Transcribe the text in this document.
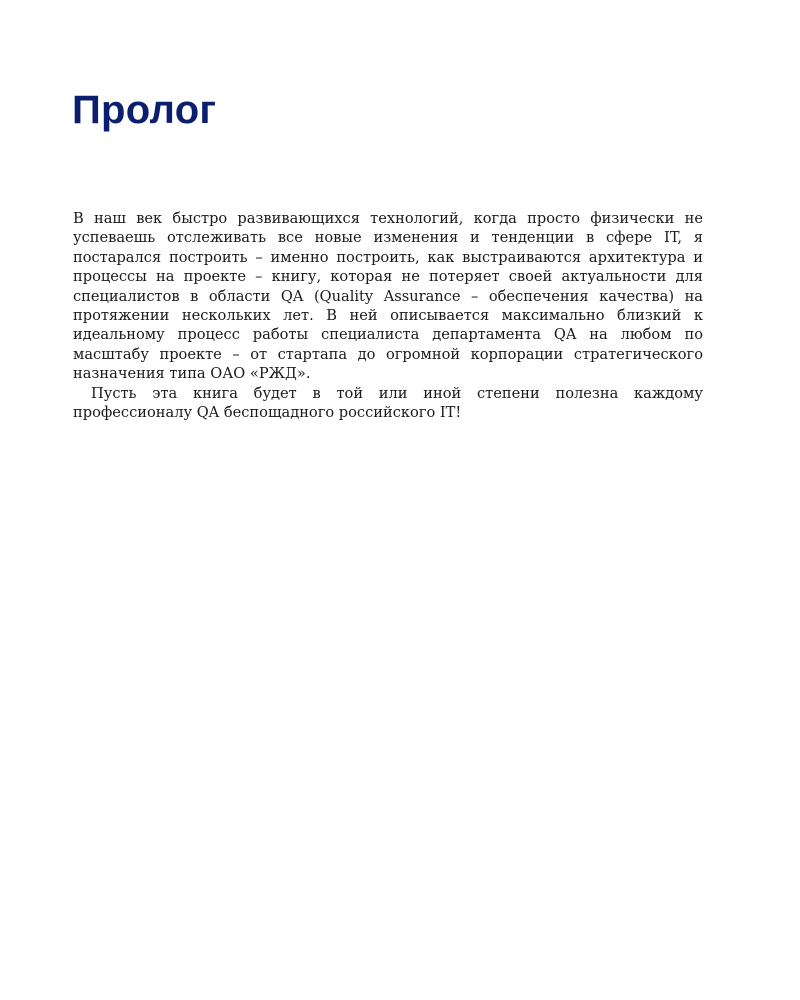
Пролог

В наш век быстро развивающихся технологий, когда просто физически не успеваешь отслеживать все новые изменения и тенденции в сфере IT, я постарался построить – именно построить, как выстраиваются архитектура и процессы на проекте – книгу, которая не потеряет своей актуальности для специалистов в области QA (Quality Assurance – обеспечения качества) на протяжении нескольких лет. В ней описывается максимально близкий к идеальному процесс работы специалиста департамента QA на любом по масштабу проекте – от стартапа до огромной корпорации стратегического назначения типа ОАО «РЖД».

Пусть эта книга будет в той или иной степени полезна каждому профессионалу QA беспощадного российского IT!
